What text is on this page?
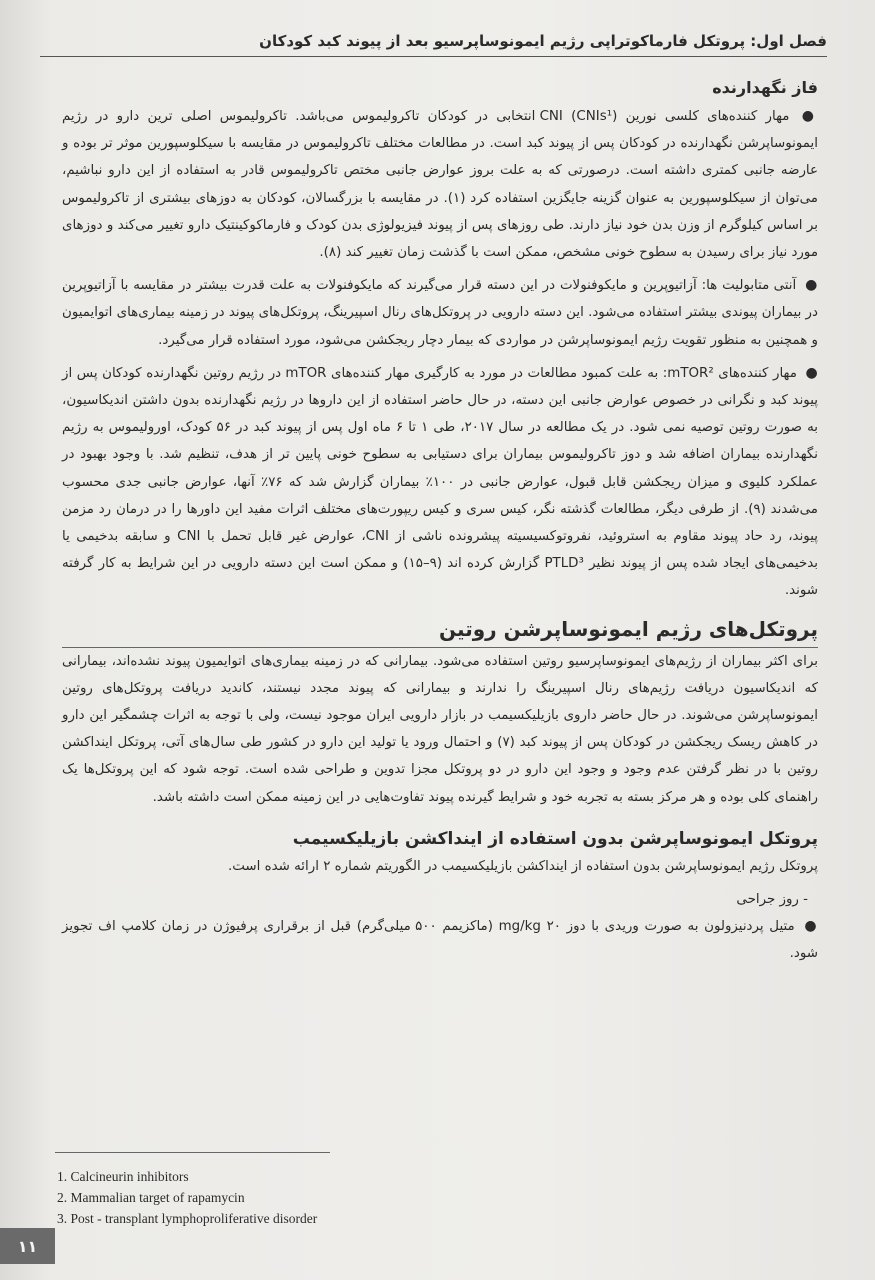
فصل اول: پروتکل فارماکوتراپی رژیم ایمونوساپرسیو بعد از پیوند کبد کودکان
فاز نگهدارنده

● مهار کننده‌های کلسی نورین (CNIs¹) CNI انتخابی در کودکان تاکرولیموس می‌باشد. تاکرولیموس اصلی ترین دارو در رژیم ایمونوساپرشن نگهدارنده در کودکان پس از پیوند کبد است. در مطالعات مختلف تاکرولیموس در مقایسه با سیکلوسپورین موثر تر بوده و عارضه جانبی کمتری داشته است. درصورتی که به علت بروز عوارض جانبی مختص تاکرولیموس قادر به استفاده از این دارو نباشیم، می‌توان از سیکلوسپورین به عنوان گزینه جایگزین استفاده کرد (۱). در مقایسه با بزرگسالان، کودکان به دوزهای بیشتری از تاکرولیموس بر اساس کیلوگرم از وزن بدن خود نیاز دارند. طی روزهای پس از پیوند فیزیولوژی بدن کودک و فارماکوکینتیک دارو تغییر می‌کند و دوزهای مورد نیاز برای رسیدن به سطوح خونی مشخص، ممکن است با گذشت زمان تغییر کند (۸).

● آنتی متابولیت ها: آزاتیوپرین و مایکوفنولات در این دسته قرار می‌گیرند که مایکوفنولات به علت قدرت بیشتر در مقایسه با آزاتیوپرین در بیماران پیوندی بیشتر استفاده می‌شود. این دسته دارویی در پروتکل‌های رنال اسپیرینگ، پروتکل‌های پیوند در زمینه بیماری‌های اتوایمیون و همچنین به منظور تقویت رژیم ایمونوساپرشن در مواردی که بیمار دچار ریجکشن می‌شود، مورد استفاده قرار می‌گیرد.

● مهار کننده‌های mTOR²: به علت کمبود مطالعات در مورد به کارگیری مهار کننده‌های mTOR در رژیم روتین نگهدارنده کودکان پس از پیوند کبد و نگرانی در خصوص عوارض جانبی این دسته، در حال حاضر استفاده از این داروها در رژیم نگهدارنده بدون داشتن اندیکاسیون، به صورت روتین توصیه نمی شود. در یک مطالعه در سال ۲۰۱۷، طی ۱ تا ۶ ماه اول پس از پیوند کبد در ۵۶ کودک، اورولیموس به رژیم نگهدارنده بیماران اضافه شد و دوز تاکرولیموس بیماران برای دستیابی به سطوح خونی پایین تر از هدف، تنظیم شد. با وجود بهبود در عملکرد کلیوی و میزان ریجکشن قابل قبول، عوارض جانبی در ۱۰۰٪ بیماران گزارش شد که ۷۶٪ آنها، عوارض جانبی جدی محسوب می‌شدند (۹). از طرفی دیگر، مطالعات گذشته نگر، کیس سری و کیس ریپورت‌های مختلف اثرات مفید این داورها را در درمان رد مزمن پیوند، رد حاد پیوند مقاوم به استروئید، نفروتوکسیسیته پیشرونده ناشی از CNI، عوارض غیر قابل تحمل با CNI و سابقه بدخیمی یا بدخیمی‌های ایجاد شده پس از پیوند نظیر PTLD³ گزارش کرده اند (۹–۱۵) و ممکن است این دسته دارویی در این شرایط به کار گرفته شوند.

پروتکل‌های رژیم ایمونوساپرشن روتین

برای اکثر بیماران از رژیم‌های ایمونوساپرسیو روتین استفاده می‌شود. بیمارانی که در زمینه بیماری‌های اتوایمیون پیوند نشده‌اند، بیمارانی که اندیکاسیون دریافت رژیم‌های رنال اسپیرینگ را ندارند و بیمارانی که پیوند مجدد نیستند، کاندید دریافت پروتکل‌های روتین ایمونوساپرشن می‌شوند. در حال حاضر داروی بازیلیکسیمب در بازار دارویی ایران موجود نیست، ولی با توجه به اثرات چشمگیر این دارو در کاهش ریسک ریجکشن در کودکان پس از پیوند کبد (۷) و احتمال ورود یا تولید این دارو در کشور طی سال‌های آتی، پروتکل اینداکشن روتین با در نظر گرفتن عدم وجود و وجود این دارو در دو پروتکل مجزا تدوین و طراحی شده است. توجه شود که این پروتکل‌ها یک راهنمای کلی بوده و هر مرکز بسته به تجربه خود و شرایط گیرنده پیوند تفاوت‌هایی در این زمینه ممکن است داشته باشد.

پروتکل ایمونوساپرشن بدون استفاده از اینداکشن بازیلیکسیمب

پروتکل رژیم ایمونوساپرشن بدون استفاده از اینداکشن بازیلیکسیمب در الگوریتم شماره ۲ ارائه شده است.

- روز جراحی

● متیل پردنیزولون به صورت وریدی با دوز ۲۰ mg/kg (ماکزیمم ۵۰۰ میلی‌گرم) قبل از برقراری پرفیوژن در زمان کلامپ اف تجویز شود.

1. Calcineurin inhibitors
2. Mammalian target of rapamycin
3. Post - transplant lymphoproliferative disorder
۱۱
